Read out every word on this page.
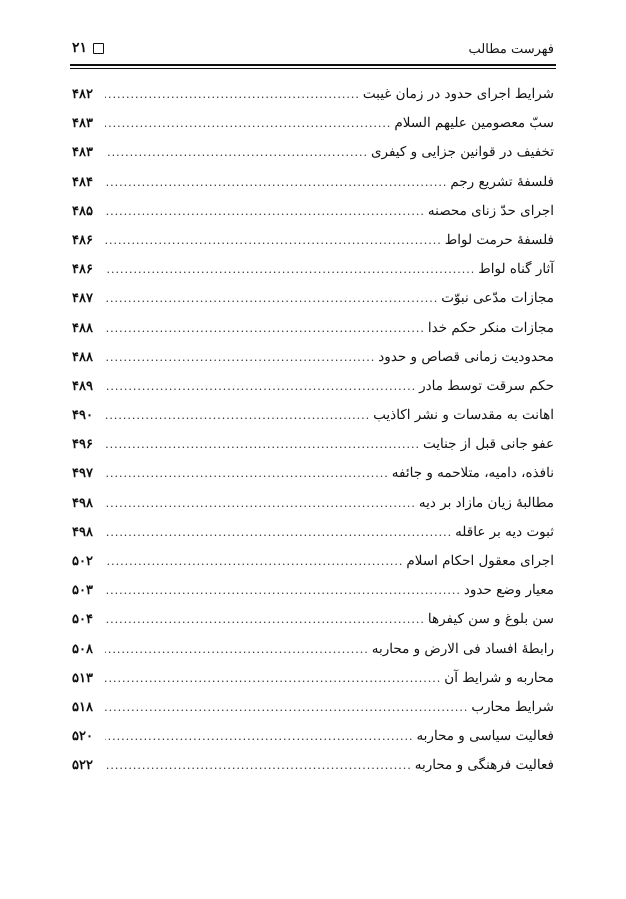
فهرست مطالب
۲۱
شرایط اجرای حدود در زمان غیبت
.....
۴۸۲
سبّ معصومین علیهم السلام
.....
۴۸۳
تخفیف در قوانین جزایی و کیفری
.....
۴۸۳
فلسفهٔ تشریع رجم
.....
۴۸۴
اجرای حدّ زنای محصنه
.....
۴۸۵
فلسفهٔ حرمت لواط
.....
۴۸۶
آثار گناه لواط
.....
۴۸۶
مجازات مدّعی نبوّت
.....
۴۸۷
مجازات منکر حکم خدا
.....
۴۸۸
محدودیت زمانی قصاص و حدود
.....
۴۸۸
حکم سرقت توسط مادر
.....
۴۸۹
اهانت به مقدسات و نشر اکاذیب
.....
۴۹۰
عفو جانی قبل از جنایت
.....
۴۹۶
نافذه، دامیه، متلاحمه و جائفه
.....
۴۹۷
مطالبهٔ زیان مازاد بر دیه
.....
۴۹۸
ثبوت دیه بر عاقله
.....
۴۹۸
اجرای معقول احکام اسلام
.....
۵۰۲
معیار وضع حدود
.....
۵۰۳
سن بلوغ و سن کیفرها
.....
۵۰۴
رابطهٔ افساد فی الارض و محاربه
.....
۵۰۸
محاربه و شرایط آن
.....
۵۱۳
شرایط محارب
.....
۵۱۸
فعالیت سیاسی و محاربه
.....
۵۲۰
فعالیت فرهنگی و محاربه
.....
۵۲۲
